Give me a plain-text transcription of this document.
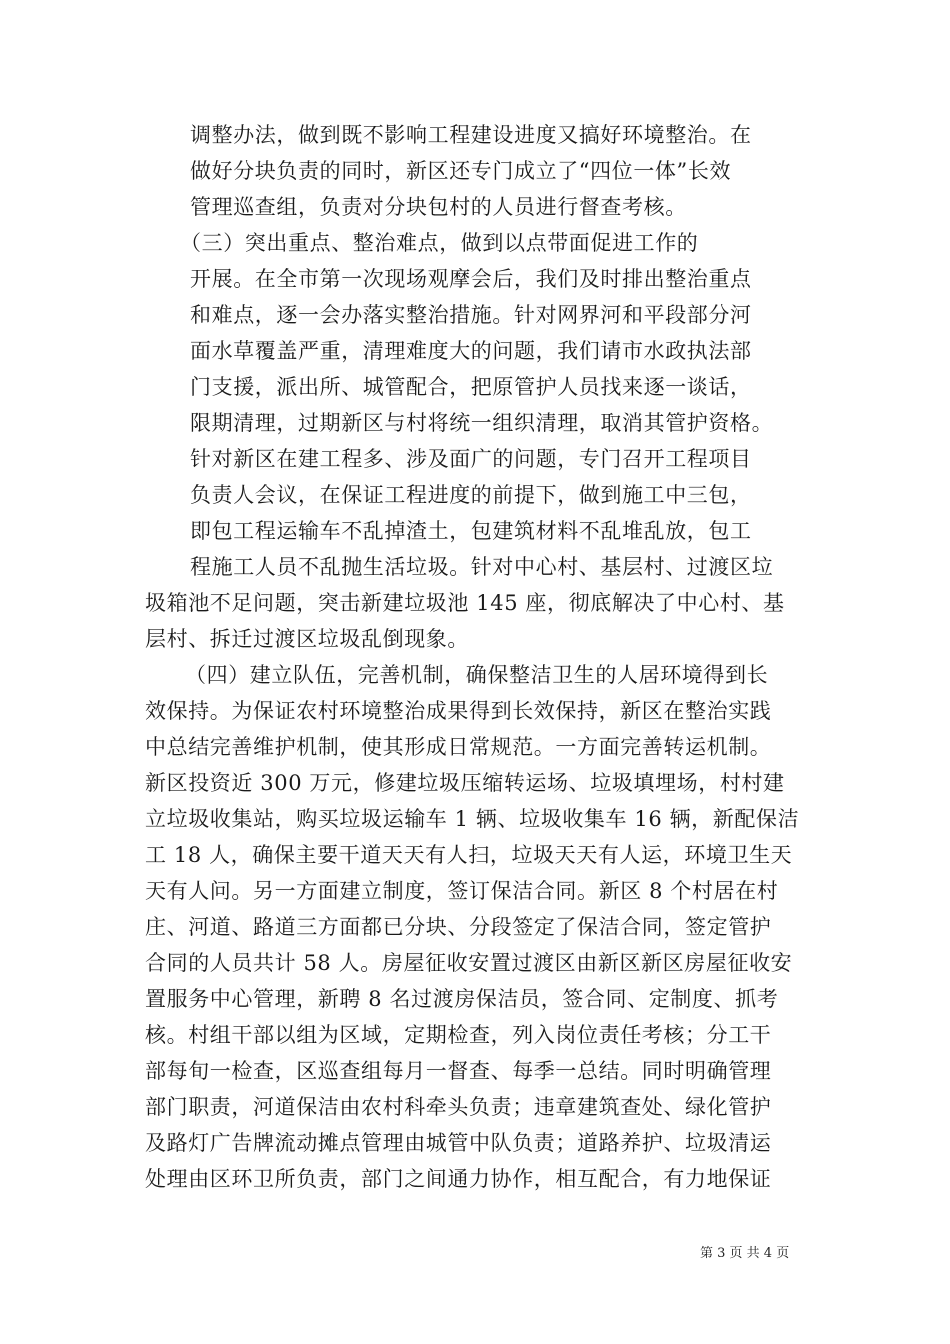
调整办法，做到既不影响工程建设进度又搞好环境整治。在
做好分块负责的同时，新区还专门成立了“四位一体”长效
管理巡查组，负责对分块包村的人员进行督查考核。
（三）突出重点、整治难点，做到以点带面促进工作的
开展。在全市第一次现场观摩会后，我们及时排出整治重点
和难点，逐一会办落实整治措施。针对网界河和平段部分河
面水草覆盖严重，清理难度大的问题，我们请市水政执法部
门支援，派出所、城管配合，把原管护人员找来逐一谈话，
限期清理，过期新区与村将统一组织清理，取消其管护资格。
针对新区在建工程多、涉及面广的问题，专门召开工程项目
负责人会议，在保证工程进度的前提下，做到施工中三包，
即包工程运输车不乱掉渣土，包建筑材料不乱堆乱放，包工
程施工人员不乱抛生活垃圾。针对中心村、基层村、过渡区垃
圾箱池不足问题，突击新建垃圾池 145 座，彻底解决了中心村、基
层村、拆迁过渡区垃圾乱倒现象。
（四）建立队伍，完善机制，确保整洁卫生的人居环境得到长
效保持。为保证农村环境整治成果得到长效保持，新区在整治实践
中总结完善维护机制，使其形成日常规范。一方面完善转运机制。
新区投资近 300 万元，修建垃圾压缩转运场、垃圾填埋场，村村建
立垃圾收集站，购买垃圾运输车 1 辆、垃圾收集车 16 辆，新配保洁
工 18 人，确保主要干道天天有人扫，垃圾天天有人运，环境卫生天
天有人问。另一方面建立制度，签订保洁合同。新区 8 个村居在村
庄、河道、路道三方面都已分块、分段签定了保洁合同，签定管护
合同的人员共计 58 人。房屋征收安置过渡区由新区新区房屋征收安
置服务中心管理，新聘 8 名过渡房保洁员，签合同、定制度、抓考
核。村组干部以组为区域，定期检查，列入岗位责任考核；分工干
部每旬一检查，区巡查组每月一督查、每季一总结。同时明确管理
部门职责，河道保洁由农村科牵头负责；违章建筑查处、绿化管护
及路灯广告牌流动摊点管理由城管中队负责；道路养护、垃圾清运
处理由区环卫所负责，部门之间通力协作，相互配合，有力地保证
第 3 页 共 4 页
